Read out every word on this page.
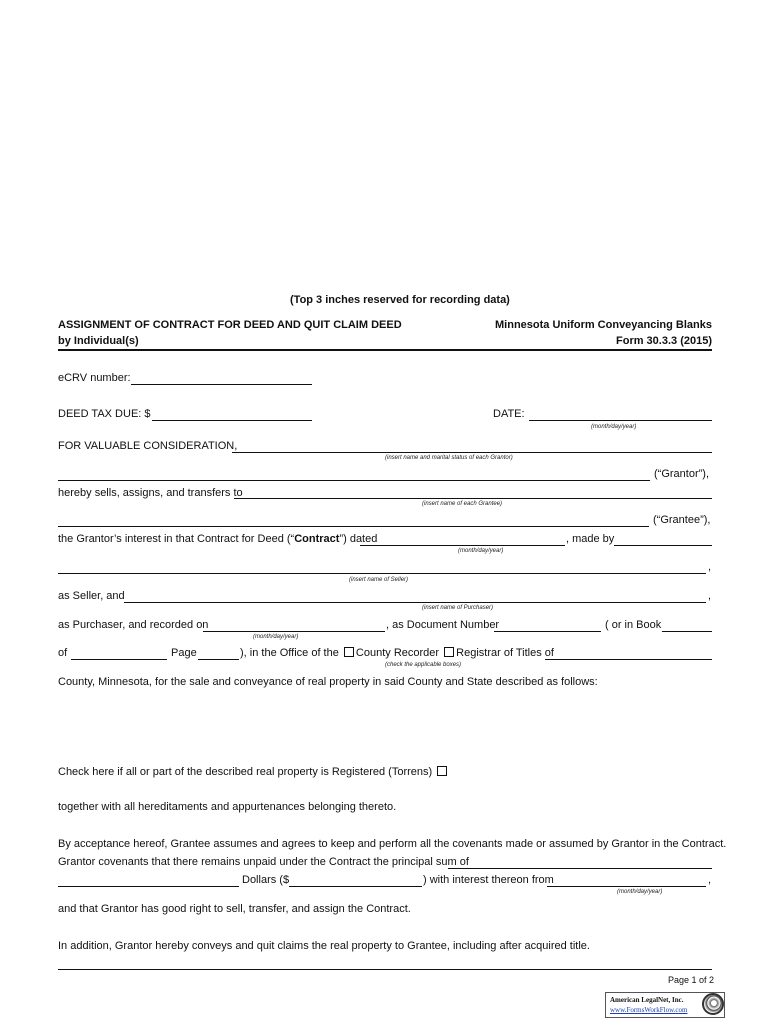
(Top 3 inches reserved for recording data)
ASSIGNMENT OF CONTRACT FOR DEED AND QUIT CLAIM DEED
by Individual(s)
Minnesota Uniform Conveyancing Blanks
Form 30.3.3 (2015)
eCRV number:
DEED TAX DUE: $	DATE:
(month/day/year)
FOR VALUABLE CONSIDERATION,
(insert name and marital status of each Grantor)
(“Grantor”),
hereby sells, assigns, and transfers to
(insert name of each Grantee)
(“Grantee”),
the Grantor’s interest in that Contract for Deed (“Contract”) dated	, made by
(month/day/year)
,
(insert name of Seller)
as Seller, and	,
(insert name of Purchaser)
as Purchaser, and recorded on	, as Document Number	( or in Book
(month/day/year)
of	Page	), in the Office of the County Recorder Registrar of Titles of
(check the applicable boxes)
County, Minnesota, for the sale and conveyance of real property in said County and State described as follows:
Check here if all or part of the described real property is Registered (Torrens)
together with all hereditaments and appurtenances belonging thereto.
By acceptance hereof, Grantee assumes and agrees to keep and perform all the covenants made or assumed by Grantor in the Contract.
Grantor covenants that there remains unpaid under the Contract the principal sum of
Dollars ($	) with interest thereon from	,
(month/day/year)
and that Grantor has good right to sell, transfer, and assign the Contract.
In addition, Grantor hereby conveys and quit claims the real property to Grantee, including after acquired title.
Page 1 of 2
American LegalNet, Inc.
www.FormsWorkFlow.com
